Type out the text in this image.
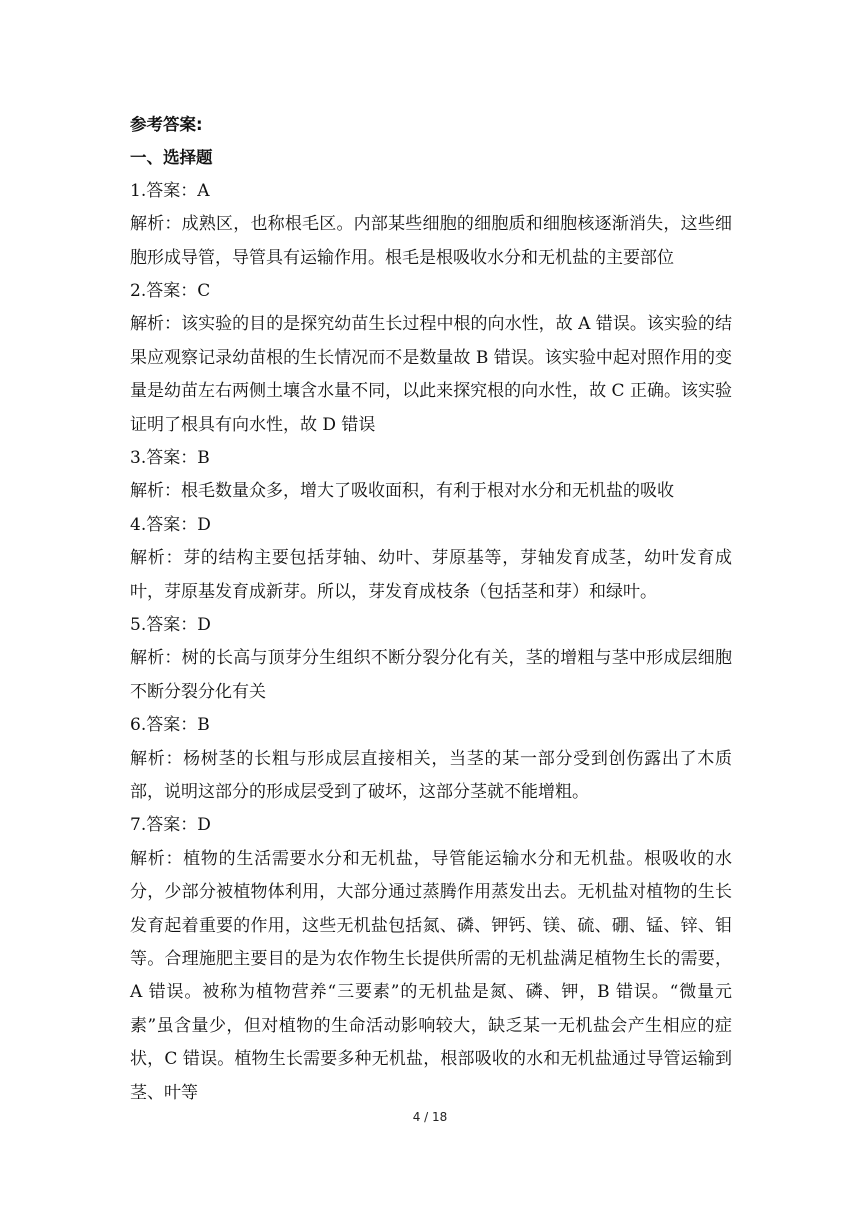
参考答案:
一、选择题
1.答案：A
解析：成熟区，也称根毛区。内部某些细胞的细胞质和细胞核逐渐消失，这些细胞形成导管，导管具有运输作用。根毛是根吸收水分和无机盐的主要部位
2.答案：C
解析：该实验的目的是探究幼苗生长过程中根的向水性，故 A 错误。该实验的结果应观察记录幼苗根的生长情况而不是数量故 B 错误。该实验中起对照作用的变量是幼苗左右两侧土壤含水量不同，以此来探究根的向水性，故 C 正确。该实验证明了根具有向水性，故 D 错误
3.答案：B
解析：根毛数量众多，增大了吸收面积，有利于根对水分和无机盐的吸收
4.答案：D
解析：芽的结构主要包括芽轴、幼叶、芽原基等，芽轴发育成茎，幼叶发育成叶，芽原基发育成新芽。所以，芽发育成枝条（包括茎和芽）和绿叶。
5.答案：D
解析：树的长高与顶芽分生组织不断分裂分化有关，茎的增粗与茎中形成层细胞不断分裂分化有关
6.答案：B
解析：杨树茎的长粗与形成层直接相关，当茎的某一部分受到创伤露出了木质部，说明这部分的形成层受到了破坏，这部分茎就不能增粗。
7.答案：D
解析：植物的生活需要水分和无机盐，导管能运输水分和无机盐。根吸收的水分，少部分被植物体利用，大部分通过蒸腾作用蒸发出去。无机盐对植物的生长发育起着重要的作用，这些无机盐包括氮、磷、钾钙、镁、硫、硼、锰、锌、钼等。合理施肥主要目的是为农作物生长提供所需的无机盐满足植物生长的需要，A 错误。被称为植物营养“三要素”的无机盐是氮、磷、钾，B 错误。“微量元素”虽含量少，但对植物的生命活动影响较大，缺乏某一无机盐会产生相应的症状，C 错误。植物生长需要多种无机盐，根部吸收的水和无机盐通过导管运输到茎、叶等
4 / 18
